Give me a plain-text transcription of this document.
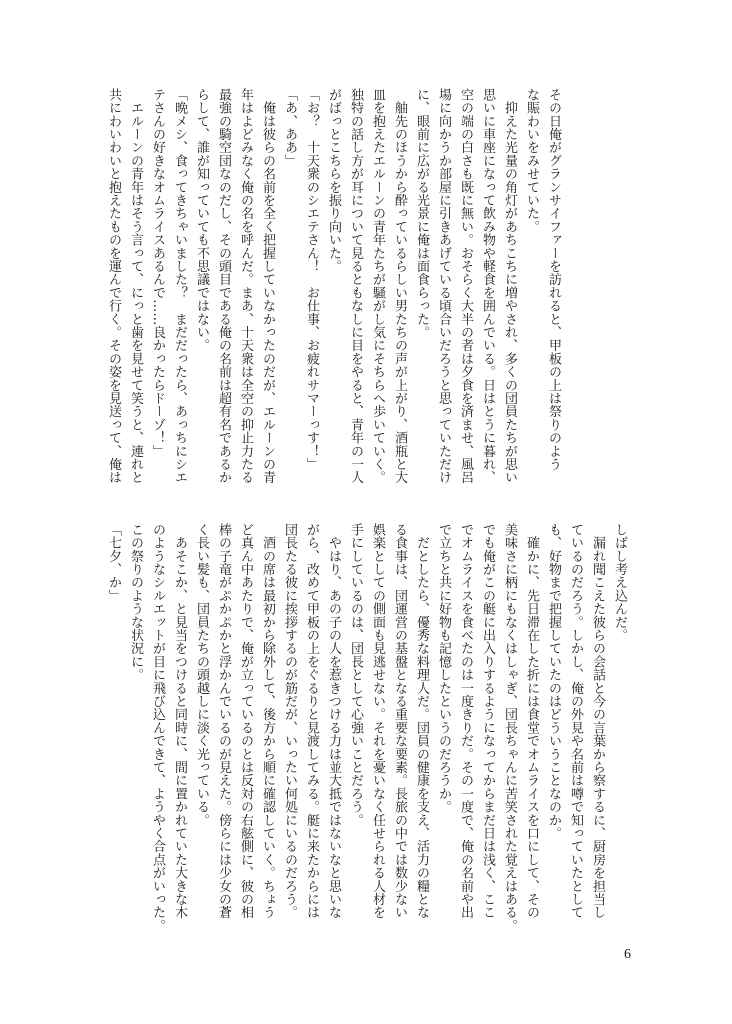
その日俺がグランサイファーを訪れると、甲板の上は祭りのよう
な賑わいをみせていた。
　抑えた光量の角灯があちこちに増やされ、多くの団員たちが思い
思いに車座になって飲み物や軽食を囲んでいる。日はとうに暮れ、
空の端の白さも既に無い。おそらく大半の者は夕食を済ませ、風呂
場に向かうか部屋に引きあげている頃合いだろうと思っていただけ
に、眼前に広がる光景に俺は面食らった。
　舳先のほうから酔っているらしい男たちの声が上がり、酒瓶と大
皿を抱えたエルーンの青年たちが騒がし気にそちらへ歩いていく。
独特の話し方が耳について見るともなしに目をやると、青年の一人
がばっとこちらを振り向いた。
「お？　十天衆のシエテさん！　お仕事、お疲れサマーっす！」
「あ、ああ」
　俺は彼らの名前を全く把握していなかったのだが、エルーンの青
年はよどみなく俺の名を呼んだ。まあ、十天衆は全空の抑止力たる
最強の騎空団なのだし、その頭目である俺の名前は超有名であるか
らして、誰が知っていても不思議ではない。
「晩メシ、食ってきちゃいました？　まだだったら、あっちにシエ
テさんの好きなオムライスあるんで……良かったらドーゾ！」
　エルーンの青年はそう言って、にっと歯を見せて笑うと、連れと
共にわいわいと抱えたものを運んで行く。その姿を見送って、俺は
しばし考え込んだ。
　漏れ聞こえた彼らの会話と今の言葉から察するに、厨房を担当し
ているのだろう。しかし、俺の外見や名前は噂で知っていたとして
も、好物まで把握していたのはどういうことなのか。
　確かに、先日滞在した折には食堂でオムライスを口にして、その
美味さに柄にもなくはしゃぎ、団長ちゃんに苦笑された覚えはある。
でも俺がこの艇に出入りするようになってからまだ日は浅く、ここ
でオムライスを食べたのは一度きりだ。その一度で、俺の名前や出
で立ちと共に好物も記憶したというのだろうか。
　だとしたら、優秀な料理人だ。団員の健康を支え、活力の糧とな
る食事は、団運営の基盤となる重要な要素。長旅の中では数少ない
娯楽としての側面も見逃せない。それを憂いなく任せられる人材を
手にしているのは、団長として心強いことだろう。
　やはり、あの子の人を惹きつける力は並大抵ではないなと思いな
がら、改めて甲板の上をぐるりと見渡してみる。艇に来たからには
団長たる彼に挨拶するのが筋だが、いったい何処にいるのだろう。
　酒の席は最初から除外して、後方から順に確認していく。ちょう
ど真ん中あたりで、俺が立っているのとは反対の右舷側に、彼の相
棒の子竜がぷかぷかと浮かんでいるのが見えた。傍らには少女の蒼
く長い髪も、団員たちの頭越しに淡く光っている。
　あそこか、と見当をつけると同時に、間に置かれていた大きな木
のようなシルエットが目に飛び込んできて、ようやく合点がいった。
この祭りのような状況に。
「七夕、か」
6
